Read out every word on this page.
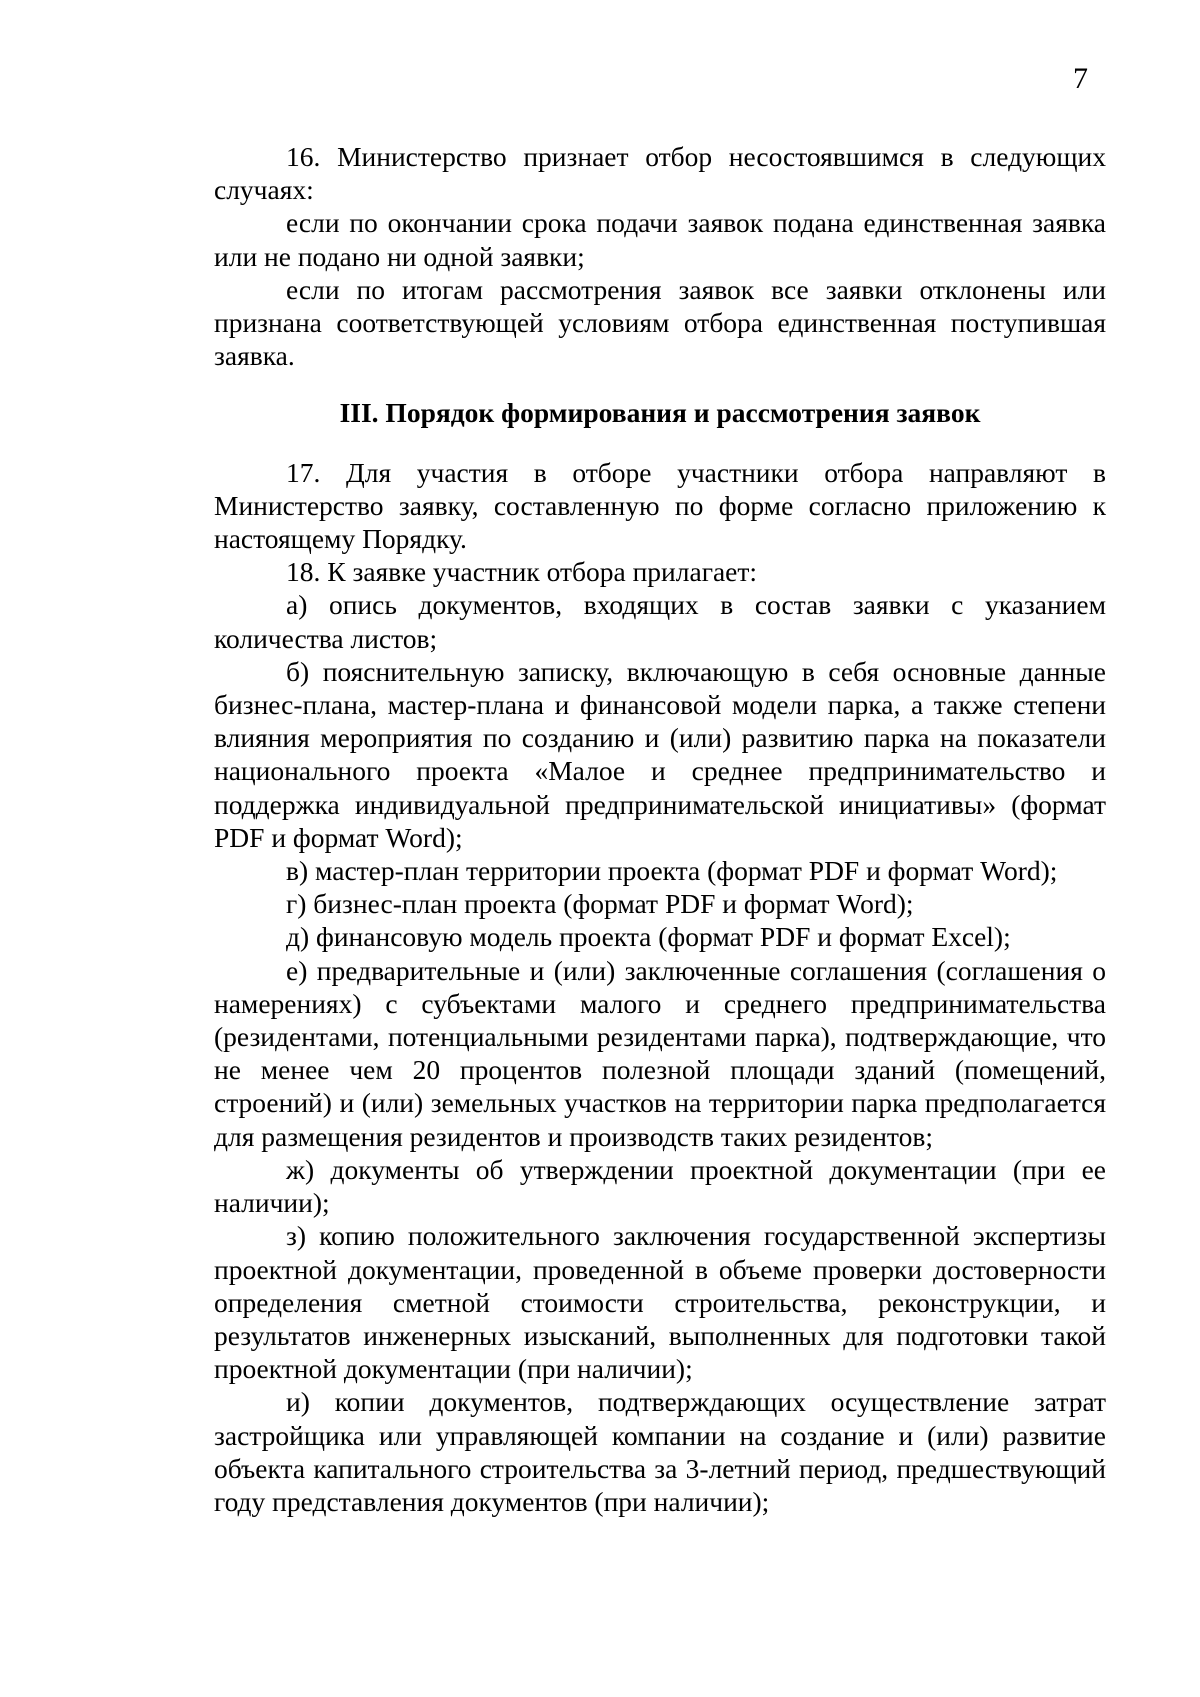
7

16. Министерство признает отбор несостоявшимся в следующих случаях:

если по окончании срока подачи заявок подана единственная заявка или не подано ни одной заявки;

если по итогам рассмотрения заявок все заявки отклонены или признана соответствующей условиям отбора единственная поступившая заявка.

III. Порядок формирования и рассмотрения заявок

17. Для участия в отборе участники отбора направляют в Министерство заявку, составленную по форме согласно приложению к настоящему Порядку.

18. К заявке участник отбора прилагает:

а) опись документов, входящих в состав заявки с указанием количества листов;

б) пояснительную записку, включающую в себя основные данные бизнес-плана, мастер-плана и финансовой модели парка, а также степени влияния мероприятия по созданию и (или) развитию парка на показатели национального проекта «Малое и среднее предпринимательство и поддержка индивидуальной предпринимательской инициативы» (формат PDF и формат Word);

в) мастер-план территории проекта (формат PDF и формат Word);

г) бизнес-план проекта (формат PDF и формат Word);

д) финансовую модель проекта (формат PDF и формат Excel);

е) предварительные и (или) заключенные соглашения (соглашения о намерениях) с субъектами малого и среднего предпринимательства (резидентами, потенциальными резидентами парка), подтверждающие, что не менее чем 20 процентов полезной площади зданий (помещений, строений) и (или) земельных участков на территории парка предполагается для размещения резидентов и производств таких резидентов;

ж) документы об утверждении проектной документации (при ее наличии);

з) копию положительного заключения государственной экспертизы проектной документации, проведенной в объеме проверки достоверности определения сметной стоимости строительства, реконструкции, и результатов инженерных изысканий, выполненных для подготовки такой проектной документации (при наличии);

и) копии документов, подтверждающих осуществление затрат застройщика или управляющей компании на создание и (или) развитие объекта капитального строительства за 3-летний период, предшествующий году представления документов (при наличии);
